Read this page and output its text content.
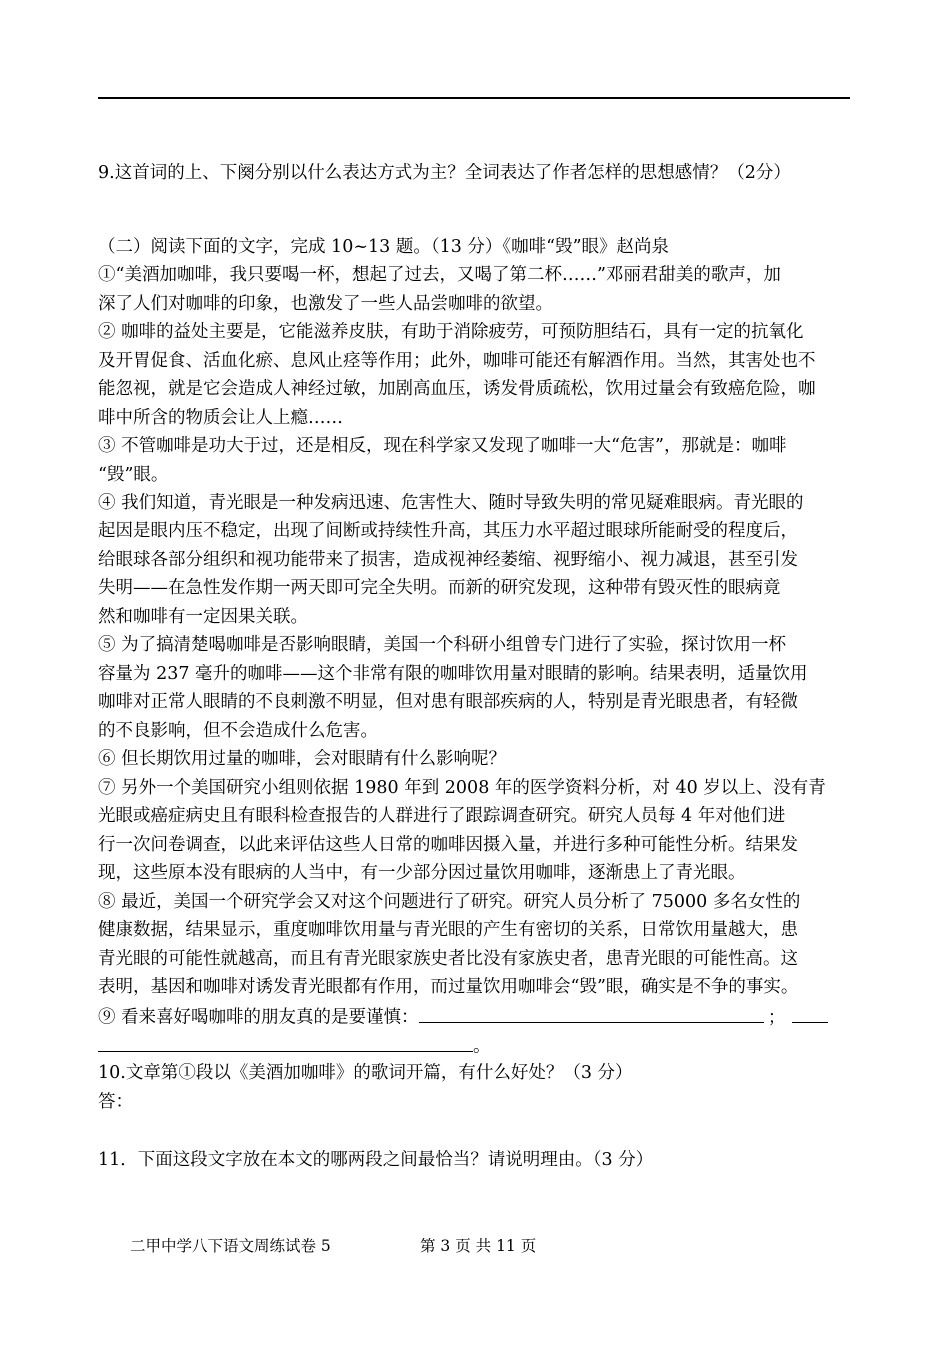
9.这首词的上、下阕分别以什么表达方式为主？全词表达了作者怎样的思想感情？（2分）
（二）阅读下面的文字，完成 10~13 题。（13 分）《咖啡“毁”眼》赵尚泉
①“美酒加咖啡，我只要喝一杯，想起了过去，又喝了第二杯……”邓丽君甜美的歌声，加
深了人们对咖啡的印象，也激发了一些人品尝咖啡的欲望。
② 咖啡的益处主要是，它能滋养皮肤，有助于消除疲劳，可预防胆结石，具有一定的抗氧化
及开胃促食、活血化瘀、息风止痉等作用；此外，咖啡可能还有解酒作用。当然，其害处也不
能忽视，就是它会造成人神经过敏，加剧高血压，诱发骨质疏松，饮用过量会有致癌危险，咖
啡中所含的物质会让人上瘾……
③ 不管咖啡是功大于过，还是相反，现在科学家又发现了咖啡一大“危害”，那就是：咖啡
“毁”眼。
④ 我们知道，青光眼是一种发病迅速、危害性大、随时导致失明的常见疑难眼病。青光眼的
起因是眼内压不稳定，出现了间断或持续性升高，其压力水平超过眼球所能耐受的程度后，
给眼球各部分组织和视功能带来了损害，造成视神经萎缩、视野缩小、视力减退，甚至引发
失明——在急性发作期一两天即可完全失明。而新的研究发现，这种带有毁灭性的眼病竟
然和咖啡有一定因果关联。
⑤ 为了搞清楚喝咖啡是否影响眼睛，美国一个科研小组曾专门进行了实验，探讨饮用一杯
容量为 237 毫升的咖啡——这个非常有限的咖啡饮用量对眼睛的影响。结果表明，适量饮用
咖啡对正常人眼睛的不良刺激不明显，但对患有眼部疾病的人，特别是青光眼患者，有轻微
的不良影响，但不会造成什么危害。
⑥ 但长期饮用过量的咖啡，会对眼睛有什么影响呢？
⑦ 另外一个美国研究小组则依据 1980 年到 2008 年的医学资料分析，对 40 岁以上、没有青
光眼或癌症病史且有眼科检查报告的人群进行了跟踪调查研究。研究人员每 4 年对他们进
行一次问卷调查，以此来评估这些人日常的咖啡因摄入量，并进行多种可能性分析。结果发
现，这些原本没有眼病的人当中，有一少部分因过量饮用咖啡，逐渐患上了青光眼。
⑧ 最近，美国一个研究学会又对这个问题进行了研究。研究人员分析了 75000 多名女性的
健康数据，结果显示，重度咖啡饮用量与青光眼的产生有密切的关系，日常饮用量越大，患
青光眼的可能性就越高，而且有青光眼家族史者比没有家族史者，患青光眼的可能性高。这
表明，基因和咖啡对诱发青光眼都有作用，而过量饮用咖啡会“毁”眼，确实是不争的事实。
⑨ 看来喜好喝咖啡的朋友真的是要谨慎：	；
。
10.文章第①段以《美酒加咖啡》的歌词开篇，有什么好处？（3 分）
答：
11．下面这段文字放在本文的哪两段之间最恰当？请说明理由。（3 分）
二甲中学八下语文周练试卷 5	第 3 页 共 11 页
